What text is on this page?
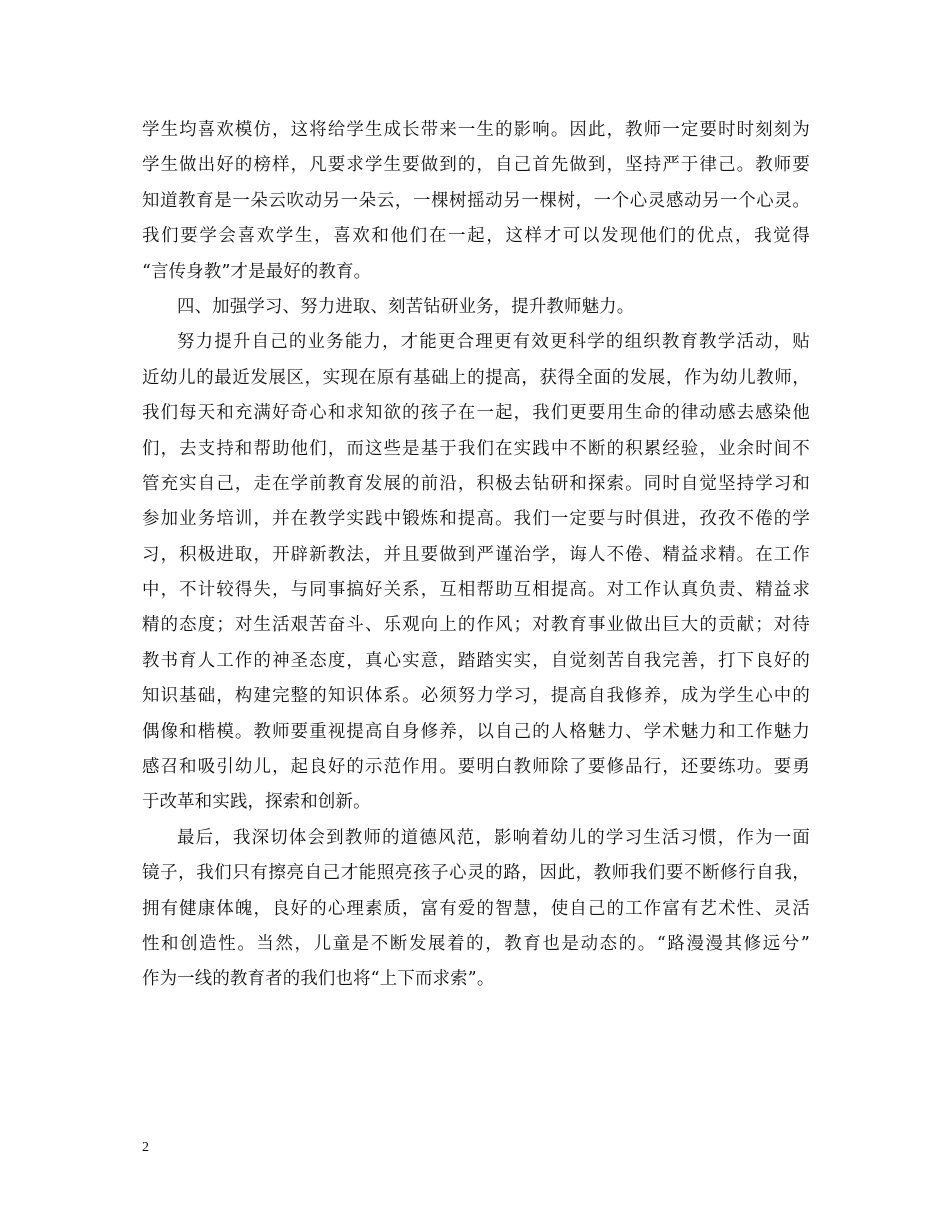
学生均喜欢模仿，这将给学生成长带来一生的影响。因此，教师一定要时时刻刻为
学生做出好的榜样，凡要求学生要做到的，自己首先做到，坚持严于律己。教师要
知道教育是一朵云吹动另一朵云，一棵树摇动另一棵树，一个心灵感动另一个心灵。
我们要学会喜欢学生，喜欢和他们在一起，这样才可以发现他们的优点，我觉得
“言传身教”才是最好的教育。
四、加强学习、努力进取、刻苦钻研业务，提升教师魅力。
努力提升自己的业务能力，才能更合理更有效更科学的组织教育教学活动，贴
近幼儿的最近发展区，实现在原有基础上的提高，获得全面的发展，作为幼儿教师，
我们每天和充满好奇心和求知欲的孩子在一起，我们更要用生命的律动感去感染他
们，去支持和帮助他们，而这些是基于我们在实践中不断的积累经验，业余时间不
管充实自己，走在学前教育发展的前沿，积极去钻研和探索。同时自觉坚持学习和
参加业务培训，并在教学实践中锻炼和提高。我们一定要与时俱进，孜孜不倦的学
习，积极进取，开辟新教法，并且要做到严谨治学，诲人不倦、精益求精。在工作
中，不计较得失，与同事搞好关系，互相帮助互相提高。对工作认真负责、精益求
精的态度；对生活艰苦奋斗、乐观向上的作风；对教育事业做出巨大的贡献；对待
教书育人工作的神圣态度，真心实意，踏踏实实，自觉刻苦自我完善，打下良好的
知识基础，构建完整的知识体系。必须努力学习，提高自我修养，成为学生心中的
偶像和楷模。教师要重视提高自身修养，以自己的人格魅力、学术魅力和工作魅力
感召和吸引幼儿，起良好的示范作用。要明白教师除了要修品行，还要练功。要勇
于改革和实践，探索和创新。
最后，我深切体会到教师的道德风范，影响着幼儿的学习生活习惯，作为一面
镜子，我们只有擦亮自己才能照亮孩子心灵的路，因此，教师我们要不断修行自我，
拥有健康体魄，良好的心理素质，富有爱的智慧，使自己的工作富有艺术性、灵活
性和创造性。当然，儿童是不断发展着的，教育也是动态的。“路漫漫其修远兮”
作为一线的教育者的我们也将“上下而求索”。
2
